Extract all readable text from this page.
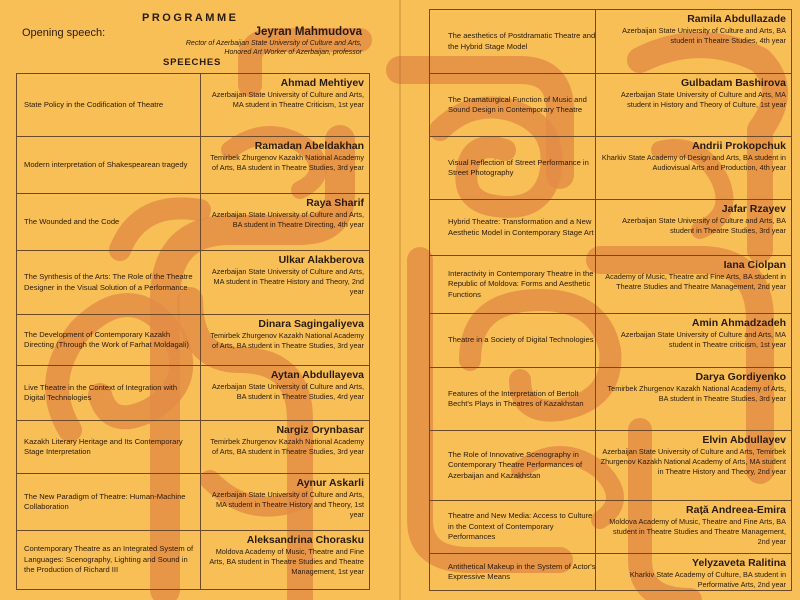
PROGRAMME
Opening speech:	Jeyran Mahmudova
Rector of Azerbaijan State University of Culture and Arts, Honored Art Worker of Azerbaijan, professor
SPEECHES
State Policy in the Codification of Theatre
Ahmad Mehtiyev
Azerbaijan State University of Culture and Arts, MA student in Theatre Criticism, 1st year
Modern interpretation of Shakespearean tragedy
Ramadan Abeldakhan
Temirbek Zhurgenov Kazakh National Academy of Arts, BA student in Theatre Studies, 3rd year
The Wounded and the Code
Raya Sharif
Azerbaijan State University of Culture and Arts, BA student in Theatre Directing, 4th year
The Synthesis of the Arts: The Role of the Theatre Designer in the Visual Solution of a Performance
Ulkar Alakberova
Azerbaijan State University of Culture and Arts, MA student in Theatre History and Theory, 2nd year
The Development of Contemporary Kazakh Directing (Through the Work of Farhat Moldagali)
Dinara Sagingaliyeva
Temirbek Zhurgenov Kazakh National Academy of Arts, BA student in Theatre Studies, 3rd year
Live Theatre in the Context of Integration with Digital Technologies
Aytan Abdullayeva
Azerbaijan State University of Culture and Arts, BA student in Theatre Studies, 4rd year
Kazakh Literary Heritage and Its Contemporary Stage Interpretation
Nargiz Orynbasar
Temirbek Zhurgenov Kazakh National Academy of Arts, BA student in Theatre Studies, 3rd year
The New Paradigm of Theatre: Human-Machine Collaboration
Aynur Askarli
Azerbaijan State University of Culture and Arts, MA student in Theatre History and Theory, 1st year
Contemporary Theatre as an Integrated System of Languages: Scenography, Lighting and Sound in the Production of Richard III
Aleksandrina Chorasku
Moldova Academy of Music, Theatre and Fine Arts, BA student in Theatre Studies and Theatre Management, 1st year
The aesthetics of Postdramatic Theatre and the Hybrid Stage Model
Ramila Abdullazade
Azerbaijan State University of Culture and Arts, BA student in Theatre Studies, 4th year
The Dramaturgical Function of Music and Sound Design in Contemporary Theatre
Gulbadam Bashirova
Azerbaijan State University of Culture and Arts, MA student in History and Theory of Culture, 1st year
Visual Reflection of Street Performance in Street Photography
Andrii Prokopchuk
Kharkiv State Academy of Design and Arts, BA student in Audiovisual Arts and Production, 4th year
Hybrid Theatre: Transformation and a New Aesthetic Model in Contemporary Stage Art
Jafar Rzayev
Azerbaijan State University of Culture and Arts, BA student in Theatre Studies, 3rd year
Interactivity in Contemporary Theatre in the Republic of Moldova: Forms and Aesthetic Functions
Iana Ciolpan
Academy of Music, Theatre and Fine Arts, BA student in Theatre Studies and Theatre Management, 2nd year
Theatre in a Society of Digital Technologies
Amin Ahmadzadeh
Azerbaijan State University of Culture and Arts, MA student in Theatre criticism, 1st year
Features of the Interpretation of Bertolt Becht's Plays in Theatres of Kazakhstan
Darya Gordiyenko
Temirbek Zhurgenov Kazakh National Academy of Arts, BA student in Theatre Studies, 3rd year
The Role of Innovative Scenography in Contemporary Theatre Performances of Azerbaijan and Kazakhstan
Elvin Abdullayev
Azerbaijan State University of Culture and Arts, Temirbek Zhurgenov Kazakh National Academy of Arts, MA student in Theatre History and Theory, 2nd year
Theatre and New Media: Access to Culture in the Context of Contemporary Performances
Rață Andreea-Emira
Moldova Academy of Music, Theatre and Fine Arts, BA student in Theatre Studies and Theatre Management, 2nd year
Antithetical Makeup in the System of Actor's Expressive Means
Yelyzaveta Ralitina
Kharkiv State Academy of Culture, BA student in Performative Arts, 2nd year
